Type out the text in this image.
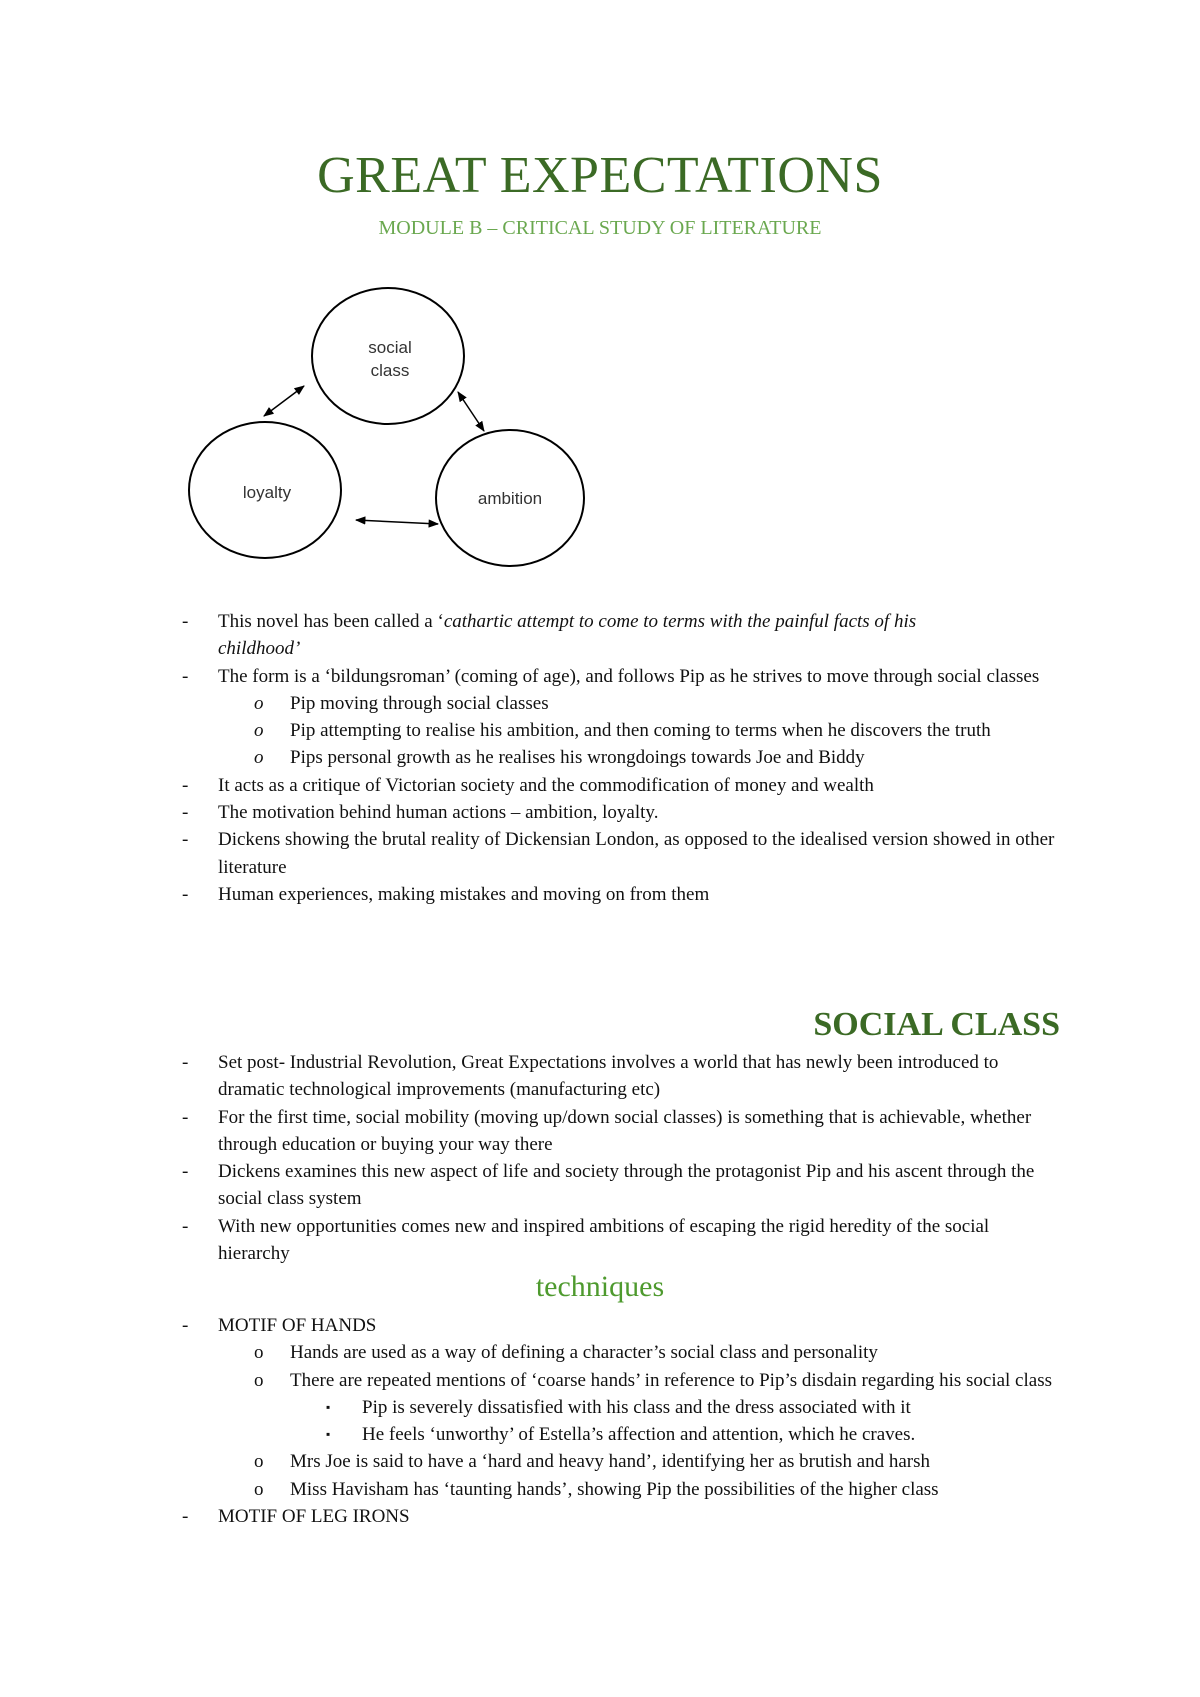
GREAT EXPECTATIONS
MODULE B – CRITICAL STUDY OF LITERATURE
social
class
loyalty	ambition
-	This novel has been called a ‘cathartic attempt to come to terms with the painful facts of his
childhood’
-	The form is a ‘bildungsroman’ (coming of age), and follows Pip as he strives to move through social classes
o	Pip moving through social classes
o	Pip attempting to realise his ambition, and then coming to terms when he discovers the truth
o	Pips personal growth as he realises his wrongdoings towards Joe and Biddy
-	It acts as a critique of Victorian society and the commodification of money and wealth
-	The motivation behind human actions – ambition, loyalty.
-	Dickens showing the brutal reality of Dickensian London, as opposed to the idealised version showed in other literature
-	Human experiences, making mistakes and moving on from them
SOCIAL CLASS
-	Set post- Industrial Revolution, Great Expectations involves a world that has newly been introduced to dramatic technological improvements (manufacturing etc)
-	For the first time, social mobility (moving up/down social classes) is something that is achievable, whether through education or buying your way there
-	Dickens examines this new aspect of life and society through the protagonist Pip and his ascent through the social class system
-	With new opportunities comes new and inspired ambitions of escaping the rigid heredity of the social hierarchy
techniques
-	MOTIF OF HANDS
o	Hands are used as a way of defining a character’s social class and personality
o	There are repeated mentions of ‘coarse hands’ in reference to Pip’s disdain regarding his social class
▪	Pip is severely dissatisfied with his class and the dress associated with it
▪	He feels ‘unworthy’ of Estella’s affection and attention, which he craves.
o	Mrs Joe is said to have a ‘hard and heavy hand’, identifying her as brutish and harsh
o	Miss Havisham has ‘taunting hands’, showing Pip the possibilities of the higher class
-	MOTIF OF LEG IRONS
